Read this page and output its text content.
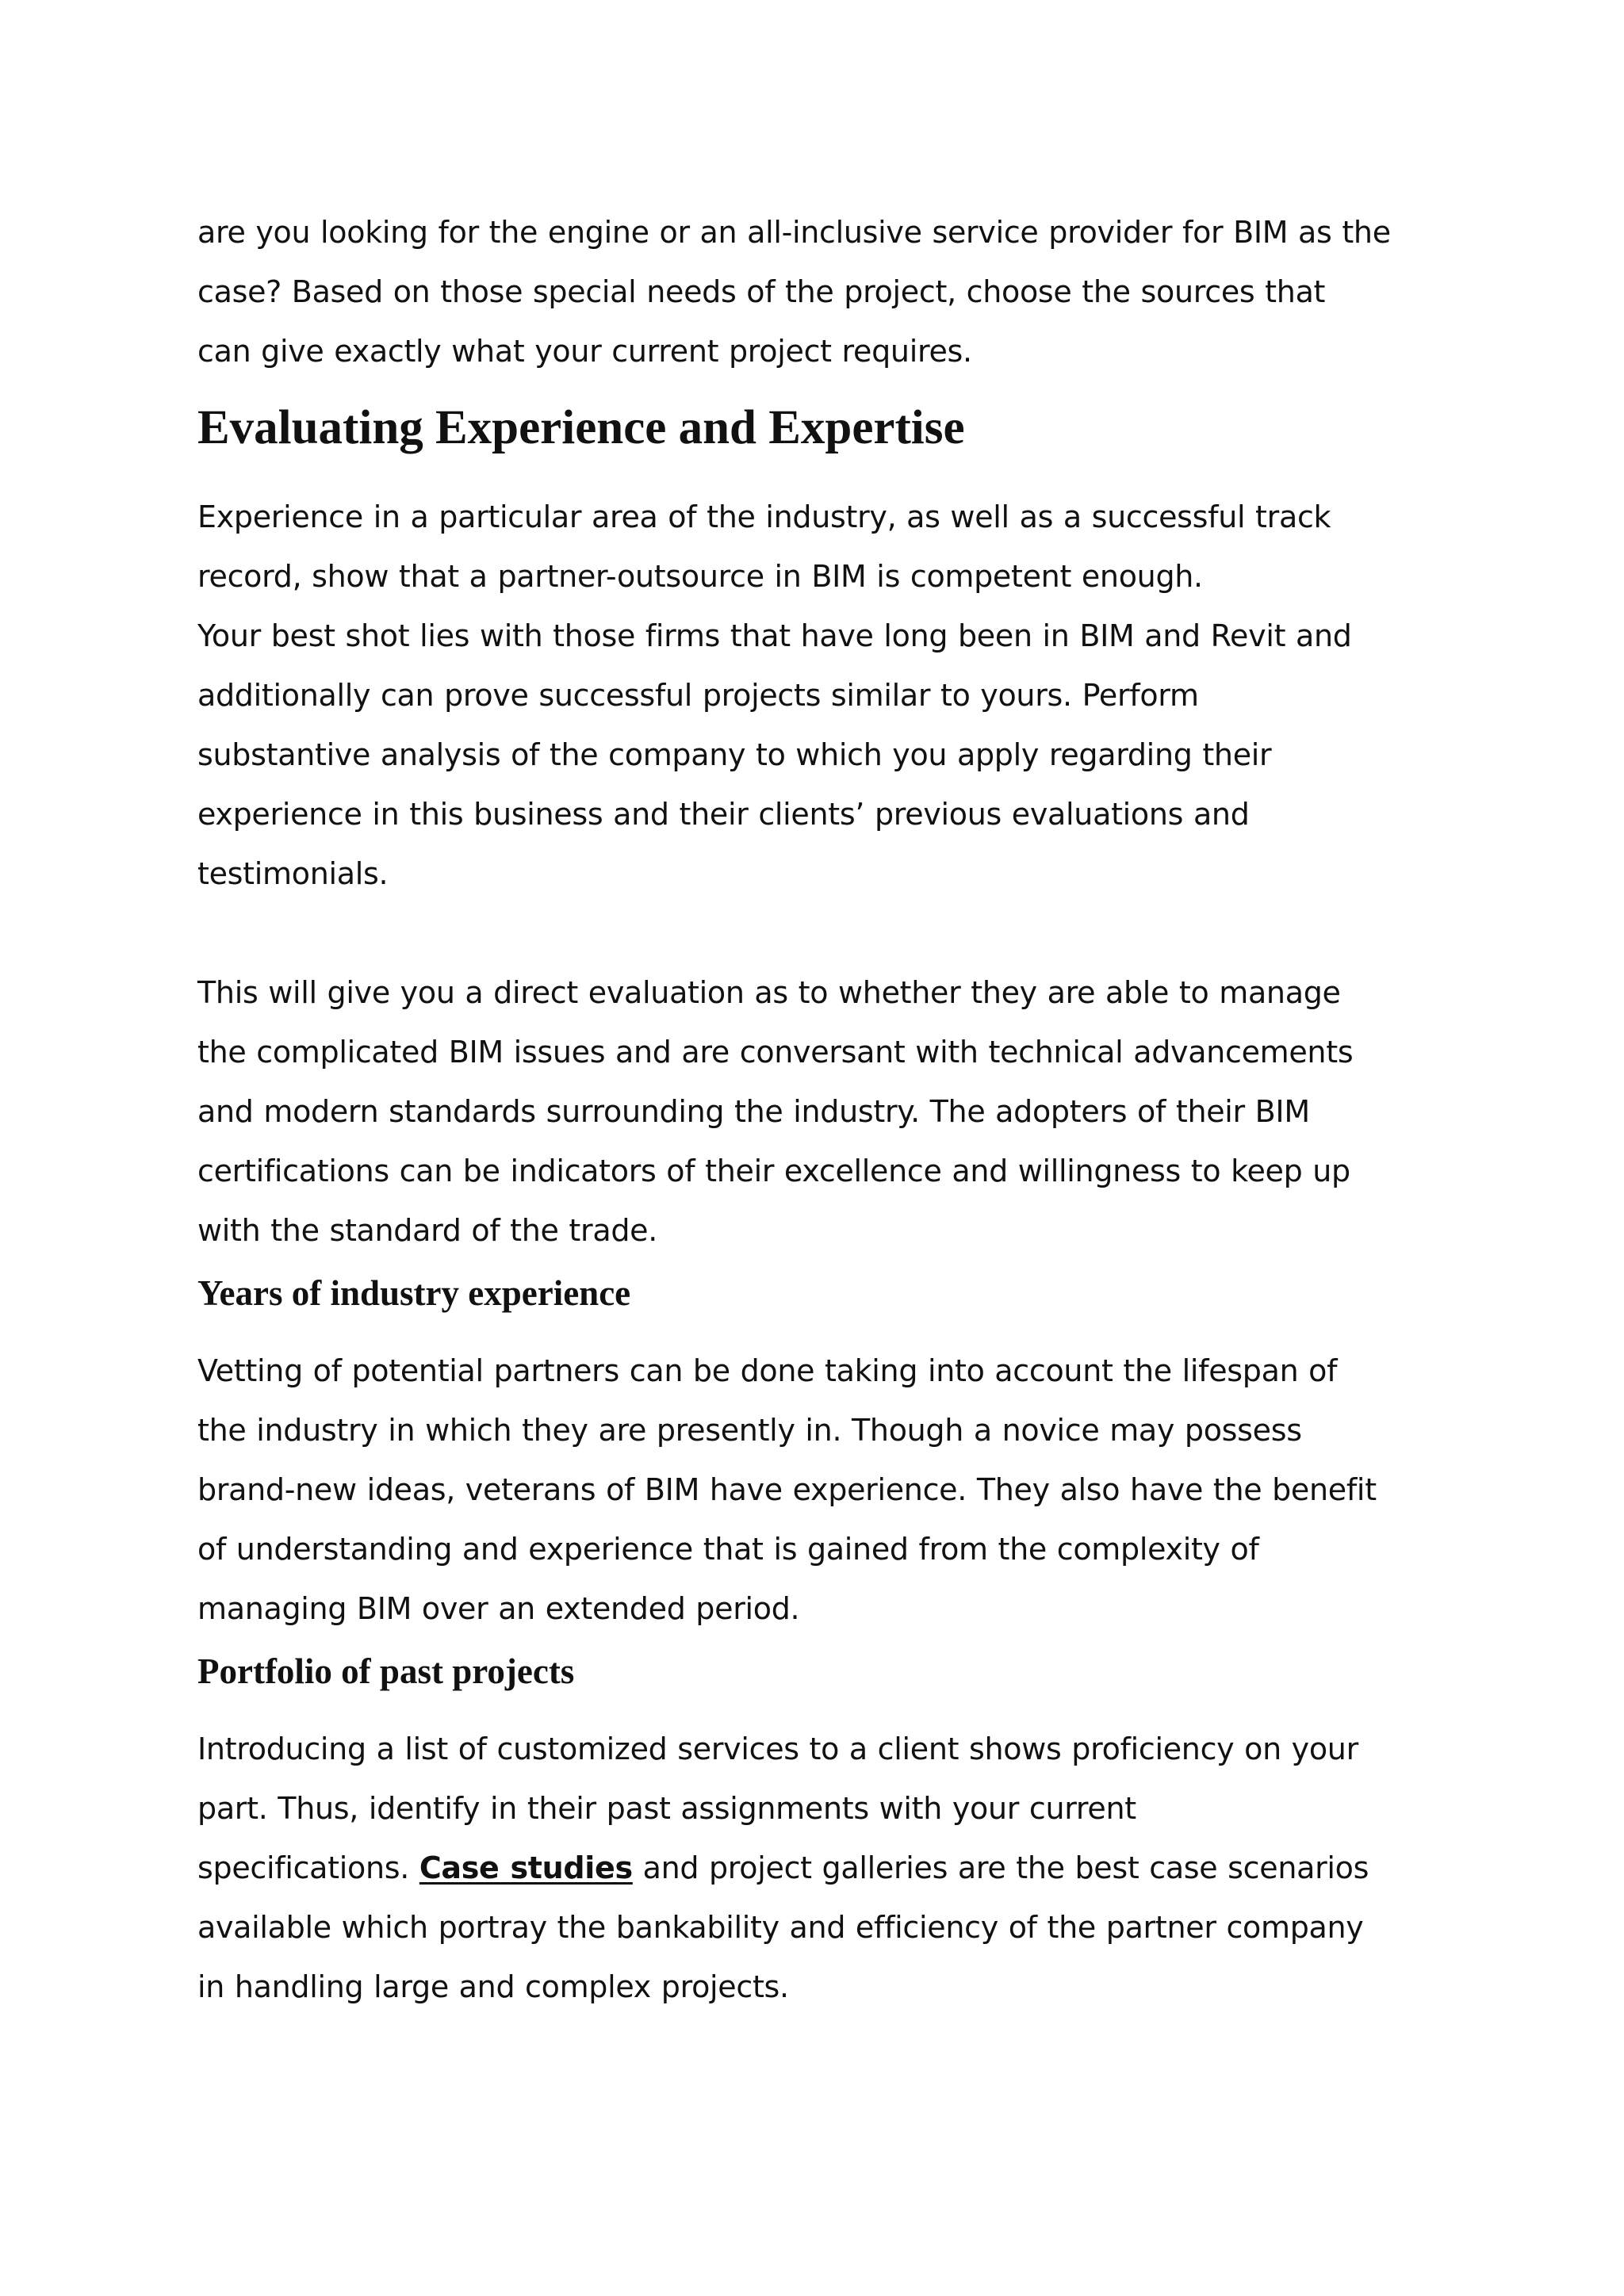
are you looking for the engine or an all-inclusive service provider for BIM as the
case? Based on those special needs of the project, choose the sources that
can give exactly what your current project requires.

Evaluating Experience and Expertise

Experience in a particular area of the industry, as well as a successful track
record, show that a partner-outsource in BIM is competent enough.
Your best shot lies with those firms that have long been in BIM and Revit and
additionally can prove successful projects similar to yours. Perform
substantive analysis of the company to which you apply regarding their
experience in this business and their clients’ previous evaluations and
testimonials.

This will give you a direct evaluation as to whether they are able to manage
the complicated BIM issues and are conversant with technical advancements
and modern standards surrounding the industry. The adopters of their BIM
certifications can be indicators of their excellence and willingness to keep up
with the standard of the trade.

Years of industry experience

Vetting of potential partners can be done taking into account the lifespan of
the industry in which they are presently in. Though a novice may possess
brand-new ideas, veterans of BIM have experience. They also have the benefit
of understanding and experience that is gained from the complexity of
managing BIM over an extended period.

Portfolio of past projects

Introducing a list of customized services to a client shows proficiency on your
part. Thus, identify in their past assignments with your current
specifications. Case studies and project galleries are the best case scenarios
available which portray the bankability and efficiency of the partner company
in handling large and complex projects.
